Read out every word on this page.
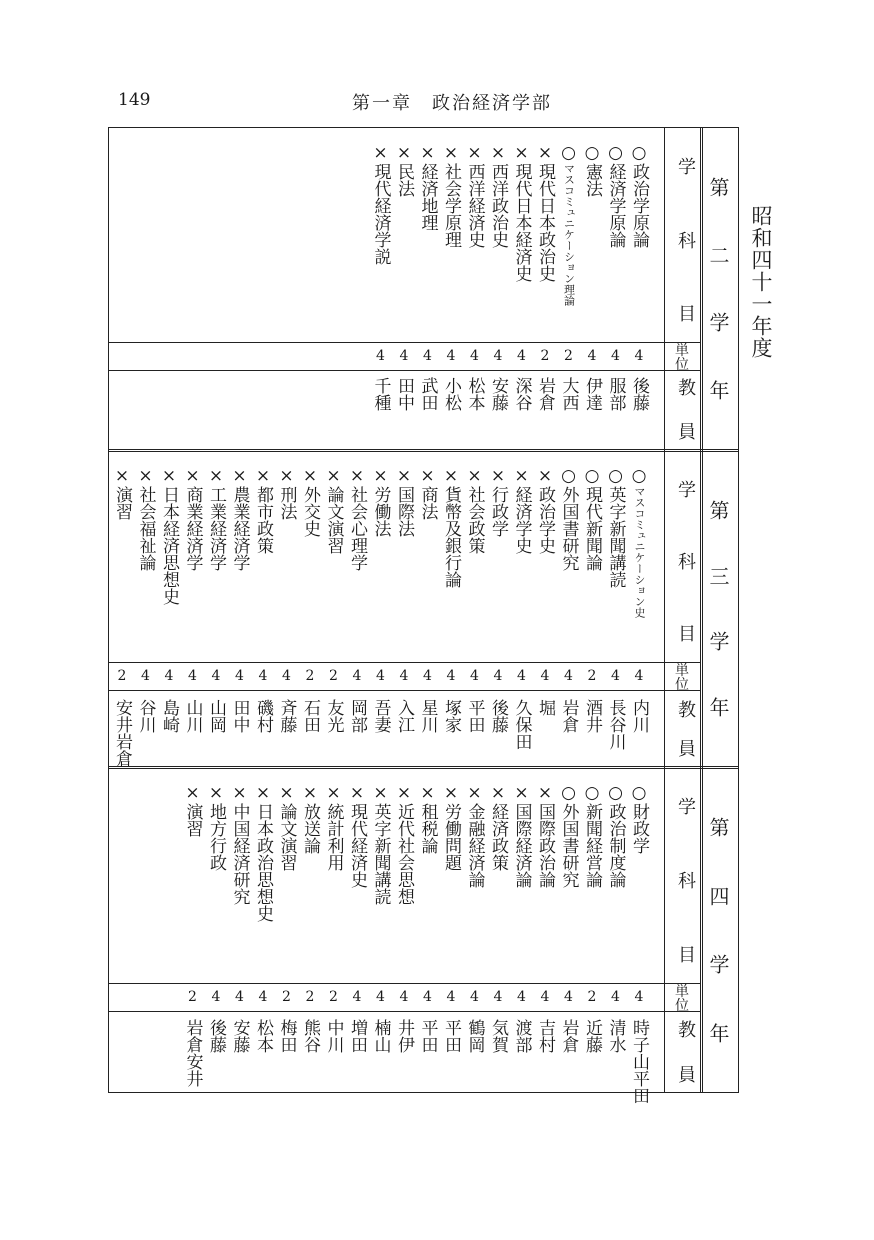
149	第一章　政治経済学部
昭和四十一年度
第
二
学
年
学
科
目
単位
教
員
○政治学原論
4
後藤
○経済学原論
4
服部
○憲法
4
伊達
○マスコミュニケーション理論
2
大西
×現代日本政治史
2
岩倉
×現代日本経済史
4
深谷
×西洋政治史
4
安藤
×西洋経済史
4
松本
×社会学原理
4
小松
×経済地理
4
武田
×民法
4
田中
×現代経済学説
4
千種
第
三
学
年
学
科
目
単位
教
員
○マスコミュニケーション史
4
内川
○英字新聞講読
4
長谷川
○現代新聞論
2
酒井
○外国書研究
4
岩倉
×政治学史
4
堀
×経済学史
4
久保田
×行政学
4
後藤
×社会政策
4
平田
×貨幣及銀行論
4
塚家
×商法
4
星川
×国際法
4
入江
×労働法
4
吾妻
×社会心理学
4
岡部
×論文演習
2
友光
×外交史
2
石田
×刑法
4
斉藤
×都市政策
4
磯村
×農業経済学
4
田中
×工業経済学
4
山岡
×商業経済学
4
山川
×日本経済思想史
4
島崎
×社会福祉論
4
谷川
×演習
2
安井岩倉
第
四
学
年
学
科
目
単位
教
員
○財政学
4
時子山平田
○政治制度論
4
清水
○新聞経営論
2
近藤
○外国書研究
4
岩倉
×国際政治論
4
吉村
×国際経済論
4
渡部
×経済政策
4
気賀
×金融経済論
4
鶴岡
×労働問題
4
平田
×租税論
4
平田
×近代社会思想
4
井伊
×英字新聞講読
4
楠山
×現代経済史
4
増田
×統計利用
2
中川
×放送論
2
熊谷
×論文演習
2
梅田
×日本政治思想史
4
松本
×中国経済研究
4
安藤
×地方行政
4
後藤
×演習
2
岩倉安井
